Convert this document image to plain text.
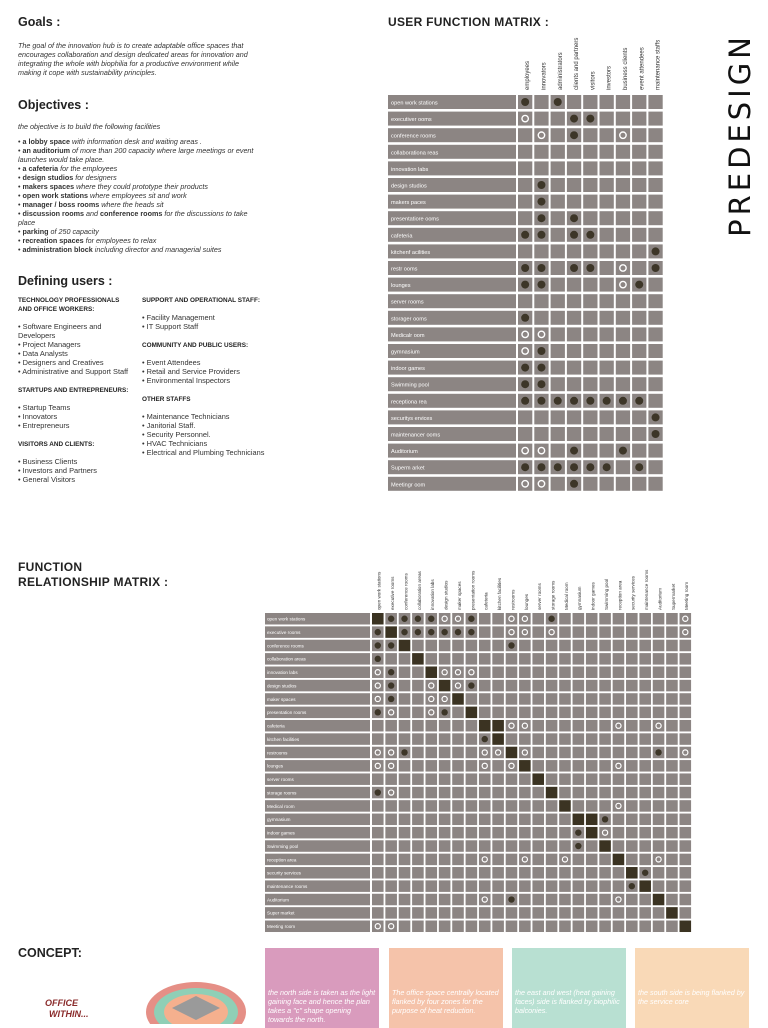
Goals :

The goal of the innovation hub is to create adaptable office spaces that encourages collaboration and design dedicated areas for innovation and integrating the whole with biophilia for a productive environment while making it cope with sustainability principles.

Objectives :

the objective is to build the following facilities

• a lobby space with information desk and waiting areas .
• an auditorium of more than 200 capacity where large meetings or event launches would take place.
• a cafeteria for the employees
• design studios for designers
• makers spaces where they could prototype their products
• open work stations where employees sit and work
• manager / boss rooms where the heads sit
• discussion rooms and conference rooms for the discussions to take place
• parking of 250 capacity
• recreation spaces for employees to relax
• administration block including director and managerial suites
Defining users :

TECHNOLOGY PROFESSIONALS AND OFFICE WORKERS:

• Software Engineers and Developers
• Project Managers
• Data Analysts
• Designers and Creatives
• Administrative and Support Staff

STARTUPS AND ENTREPRENEURS:

• Startup Teams
• Innovators
• Entrepreneurs

VISITORS AND CLIENTS:

• Business Clients
• Investors and Partners
• General Visitors

SUPPORT AND OPERATIONAL STAFF:

• Facility Management
• IT Support Staff

COMMUNITY AND PUBLIC USERS:

• Event Attendees
• Retail and Service Providers
• Environmental Inspectors

OTHER STAFFS

• Maintenance Technicians
• Janitorial Staff.
• Security Personnel.
• HVAC Technicians
• Electrical and Plumbing Technicians
PREDESIGN
USER FUNCTION MATRIX :
employees innovators administrators clients and partners visitors investors business clients event attendees maintenance staffs
open work stations
executiver ooms
conference rooms
collaborationa reas
innovation labs
design studios
makers paces
presentatiore ooms
cafeteria
kitchenf acilities
restr ooms
lounges
server rooms
storager ooms
Medicalr oom
gymnasium
indoor games
Swimming pool
receptiona rea
securitys ervices
maintenancer ooms
Auditorium
Superm arket
Meetingr oom
FUNCTION
RELATIONSHIP MATRIX :	open work stations executive rooms conference rooms collaboration areas innovation labs design studios maker spaces presentation rooms cafeteria kitchen facilities restrooms lounges server rooms storage rooms Medical room gymnasium indoor games Swimming pool reception area security services maintenance rooms Auditorium Supermarket Meeting room
open work stations
executive rooms
conference rooms
collaboration areas
innovation labs
design studios
maker spaces
presentation rooms
cafeteria
kitchen facilities
restrooms
lounges
server rooms
storage rooms
Medical room
gymnasium
indoor games
Swimming pool
reception area
security services
maintenance rooms
Auditorium
Super market
Meeting room
CONCEPT:
OFFICE
WITHIN...
the north side is taken as the light gaining face and hence the plan takes a "c" shape opening towards the north.
The office space centrally located flanked by four zones for the purpose of heat reduction.
the east and west (heat gaining faces) side is flanked by biophilic balconies.
the south side is being flanked by the service core
